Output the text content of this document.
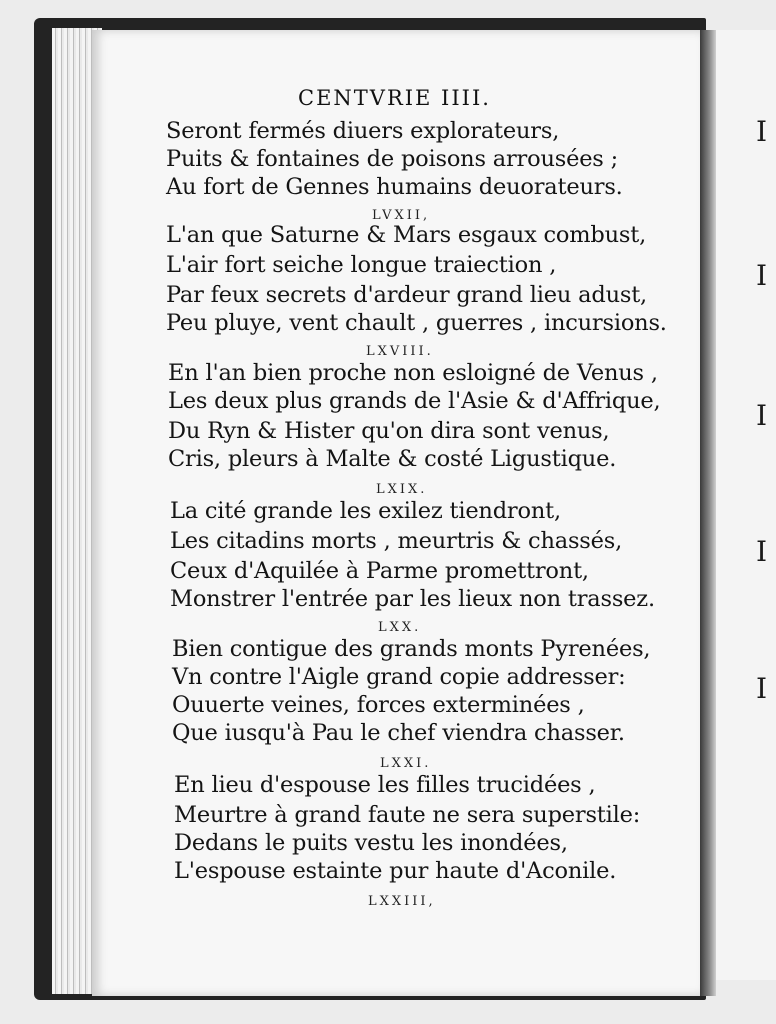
I
I
I
I
I
CENTVRIE IIII.
Seront fermés diuers explorateurs,
Puits & fontaines de poisons arrousées ;
Au fort de Gennes humains deuorateurs.
LVXII,
L'an que Saturne & Mars esgaux combust,
L'air fort seiche longue traiection ,
Par feux secrets d'ardeur grand lieu adust,
Peu pluye, vent chault , guerres , incursions.
LXVIII.
En l'an bien proche non esloigné de Venus ,
Les deux plus grands de l'Asie & d'Affrique,
Du Ryn & Hister qu'on dira sont venus,
Cris, pleurs à Malte & costé Ligustique.
LXIX.
La cité grande les exilez tiendront,
Les citadins morts , meurtris & chassés,
Ceux d'Aquilée à Parme promettront,
Monstrer l'entrée par les lieux non trassez.
LXX.
Bien contigue des grands monts Pyrenées,
Vn contre l'Aigle grand copie addresser:
Ouuerte veines, forces exterminées ,
Que iusqu'à Pau le chef viendra chasser.
LXXI.
En lieu d'espouse les filles trucidées ,
Meurtre à grand faute ne sera superstile:
Dedans le puits vestu les inondées,
L'espouse estainte pur haute d'Aconile.
LXXIII,
